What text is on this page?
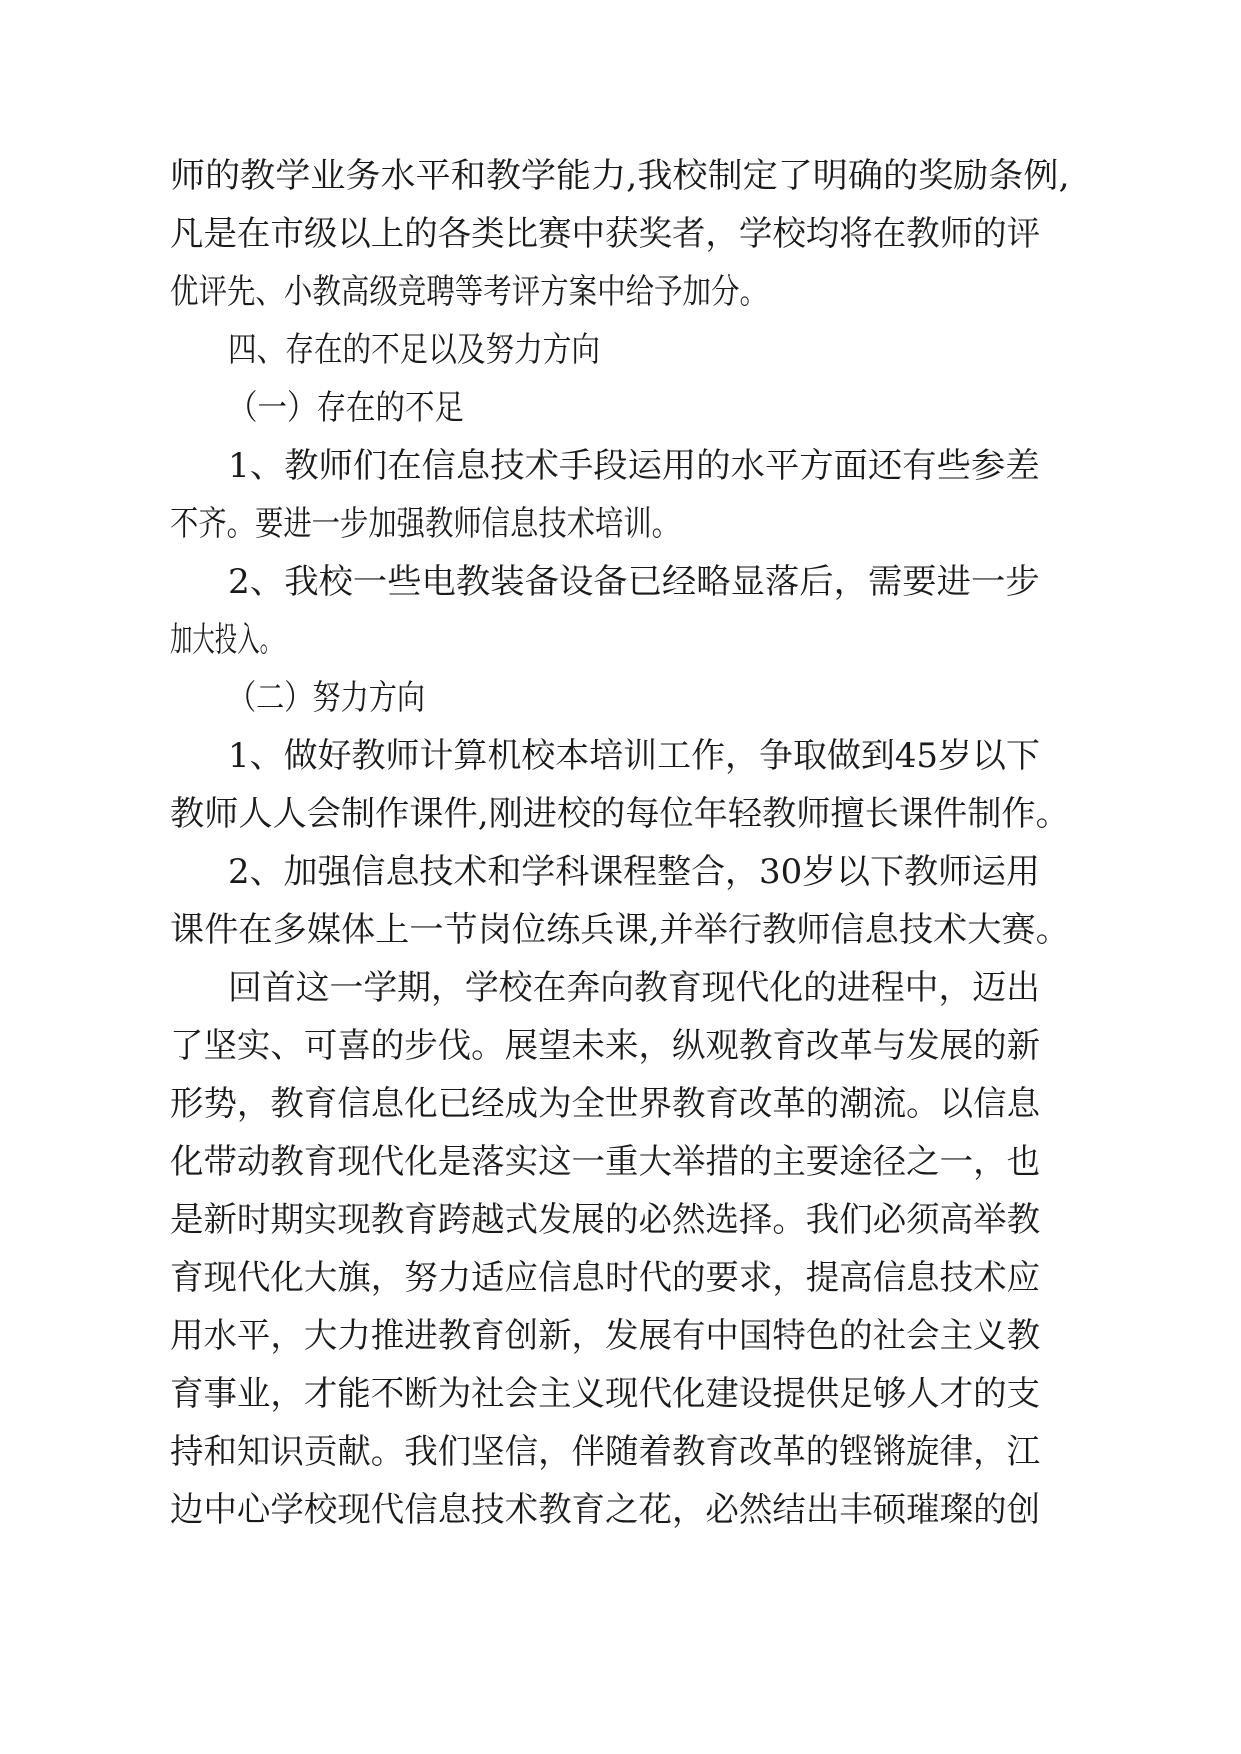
师的教学业务水平和教学能力,我校制定了明确的奖励条例,
凡是在市级以上的各类比赛中获奖者，学校均将在教师的评
优评先、小教高级竞聘等考评方案中给予加分。
四、存在的不足以及努力方向
（一）存在的不足
1、教师们在信息技术手段运用的水平方面还有些参差
不齐。要进一步加强教师信息技术培训。
2、我校一些电教装备设备已经略显落后，需要进一步
加大投入。
（二）努力方向
1、做好教师计算机校本培训工作，争取做到45岁以下
教师人人会制作课件,刚进校的每位年轻教师擅长课件制作。
2、加强信息技术和学科课程整合，30岁以下教师运用
课件在多媒体上一节岗位练兵课,并举行教师信息技术大赛。
回首这一学期，学校在奔向教育现代化的进程中，迈出
了坚实、可喜的步伐。展望未来，纵观教育改革与发展的新
形势，教育信息化已经成为全世界教育改革的潮流。以信息
化带动教育现代化是落实这一重大举措的主要途径之一，也
是新时期实现教育跨越式发展的必然选择。我们必须高举教
育现代化大旗，努力适应信息时代的要求，提高信息技术应
用水平，大力推进教育创新，发展有中国特色的社会主义教
育事业，才能不断为社会主义现代化建设提供足够人才的支
持和知识贡献。我们坚信，伴随着教育改革的铿锵旋律，江
边中心学校现代信息技术教育之花，必然结出丰硕璀璨的创
